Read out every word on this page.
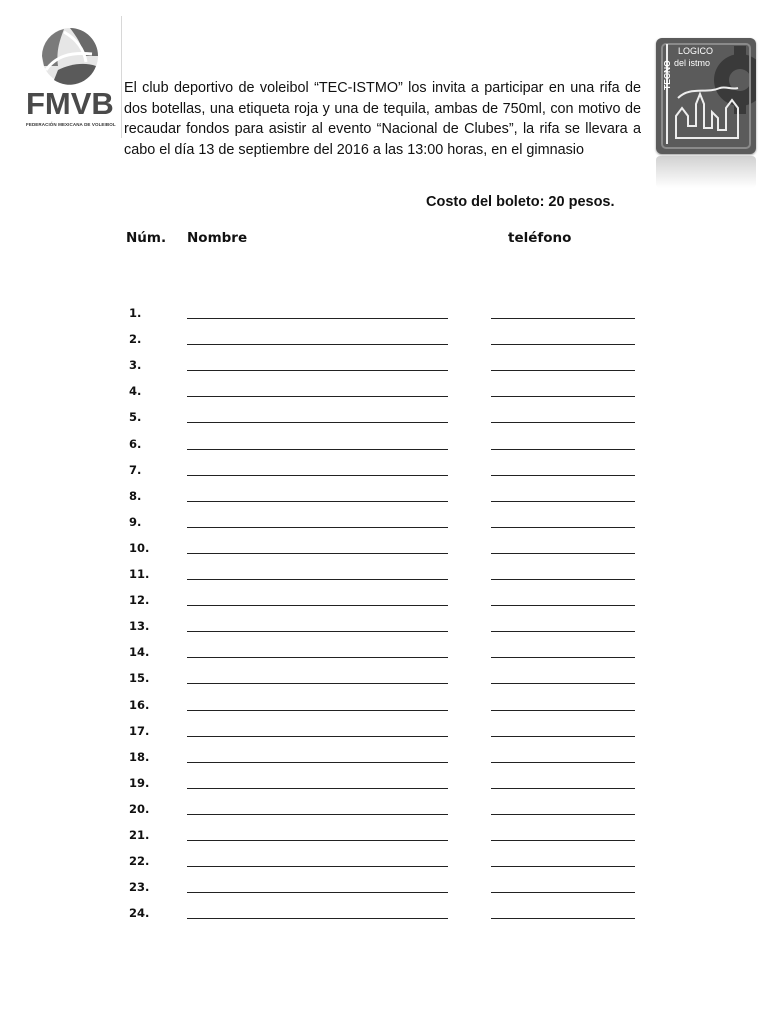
FMVB
FEDERACIÓN MEXICANA DE VOLEIBOL
TECNO
LOGICO
del istmo

El club deportivo de voleibol “TEC-ISTMO” los invita a participar en una rifa de dos botellas, una etiqueta roja y una de tequila, ambas de 750ml, con motivo de recaudar fondos para asistir al evento “Nacional de Clubes”, la rifa se llevara a cabo el día 13 de septiembre del 2016 a las 13:00 horas, en el gimnasio

Costo del boleto: 20 pesos.

Núm. Nombre	teléfono
1.
2.
3.
4.
5.
6.
7.
8.
9.
10.
11.
12.
13.
14.
15.
16.
17.
18.
19.
20.
21.
22.
23.
24.
